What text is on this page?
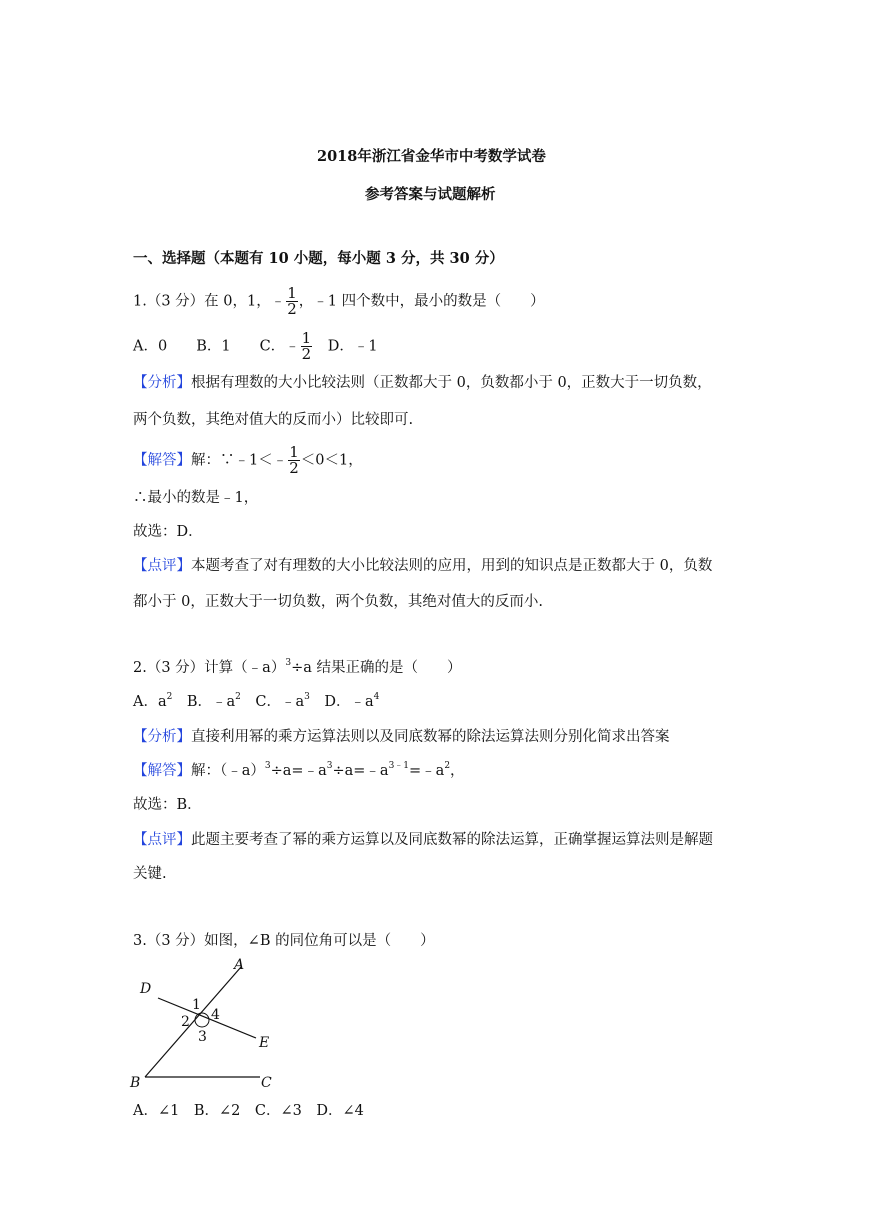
2018年浙江省金华市中考数学试卷
参考答案与试题解析
一、选择题（本题有 10 小题，每小题 3 分，共 30 分）
1.（3 分）在 0，1，﹣ $\frac{1}{2}$ ，﹣1 四个数中，最小的数是（　　）
A．0　　B．1　　C．﹣ $\frac{1}{2}$
　 D．﹣1
【分析】根据有理数的大小比较法则（正数都大于 0，负数都小于 0，正数大于一切负数，
两个负数，其绝对值大的反而小）比较即可.
【解答】解：∵﹣1＜﹣ $\frac{1}{2} <0<1$，
∴最小的数是﹣1，
故选：D．
【点评】本题考查了对有理数的大小比较法则的应用，用到的知识点是正数都大于 0，负数
都小于 0，正数大于一切负数，两个负数，其绝对值大的反而小.
2.（3 分）计算（﹣a）$^3$÷a 结果正确的是（　　）
A．$a^2$　B．$﹣a^2$　C．$﹣a^3$　D．$﹣a^4$
【分析】直接利用幂的乘方运算法则以及同底数幂的除法运算法则分别化简求出答案
【解答】解：$(﹣a)^3\div a=﹣a^3\div a=﹣a^{3﹣1}=﹣a^2$，
故选：B．
【点评】此题主要考查了幂的乘方运算以及同底数幂的除法运算，正确掌握运算法则是解题
关键.
3.（3 分）如图，∠B 的同位角可以是（　　）
A
D
E
B	C
1
2
3
4
A．∠1　B．∠2　C．∠3　D．∠4
